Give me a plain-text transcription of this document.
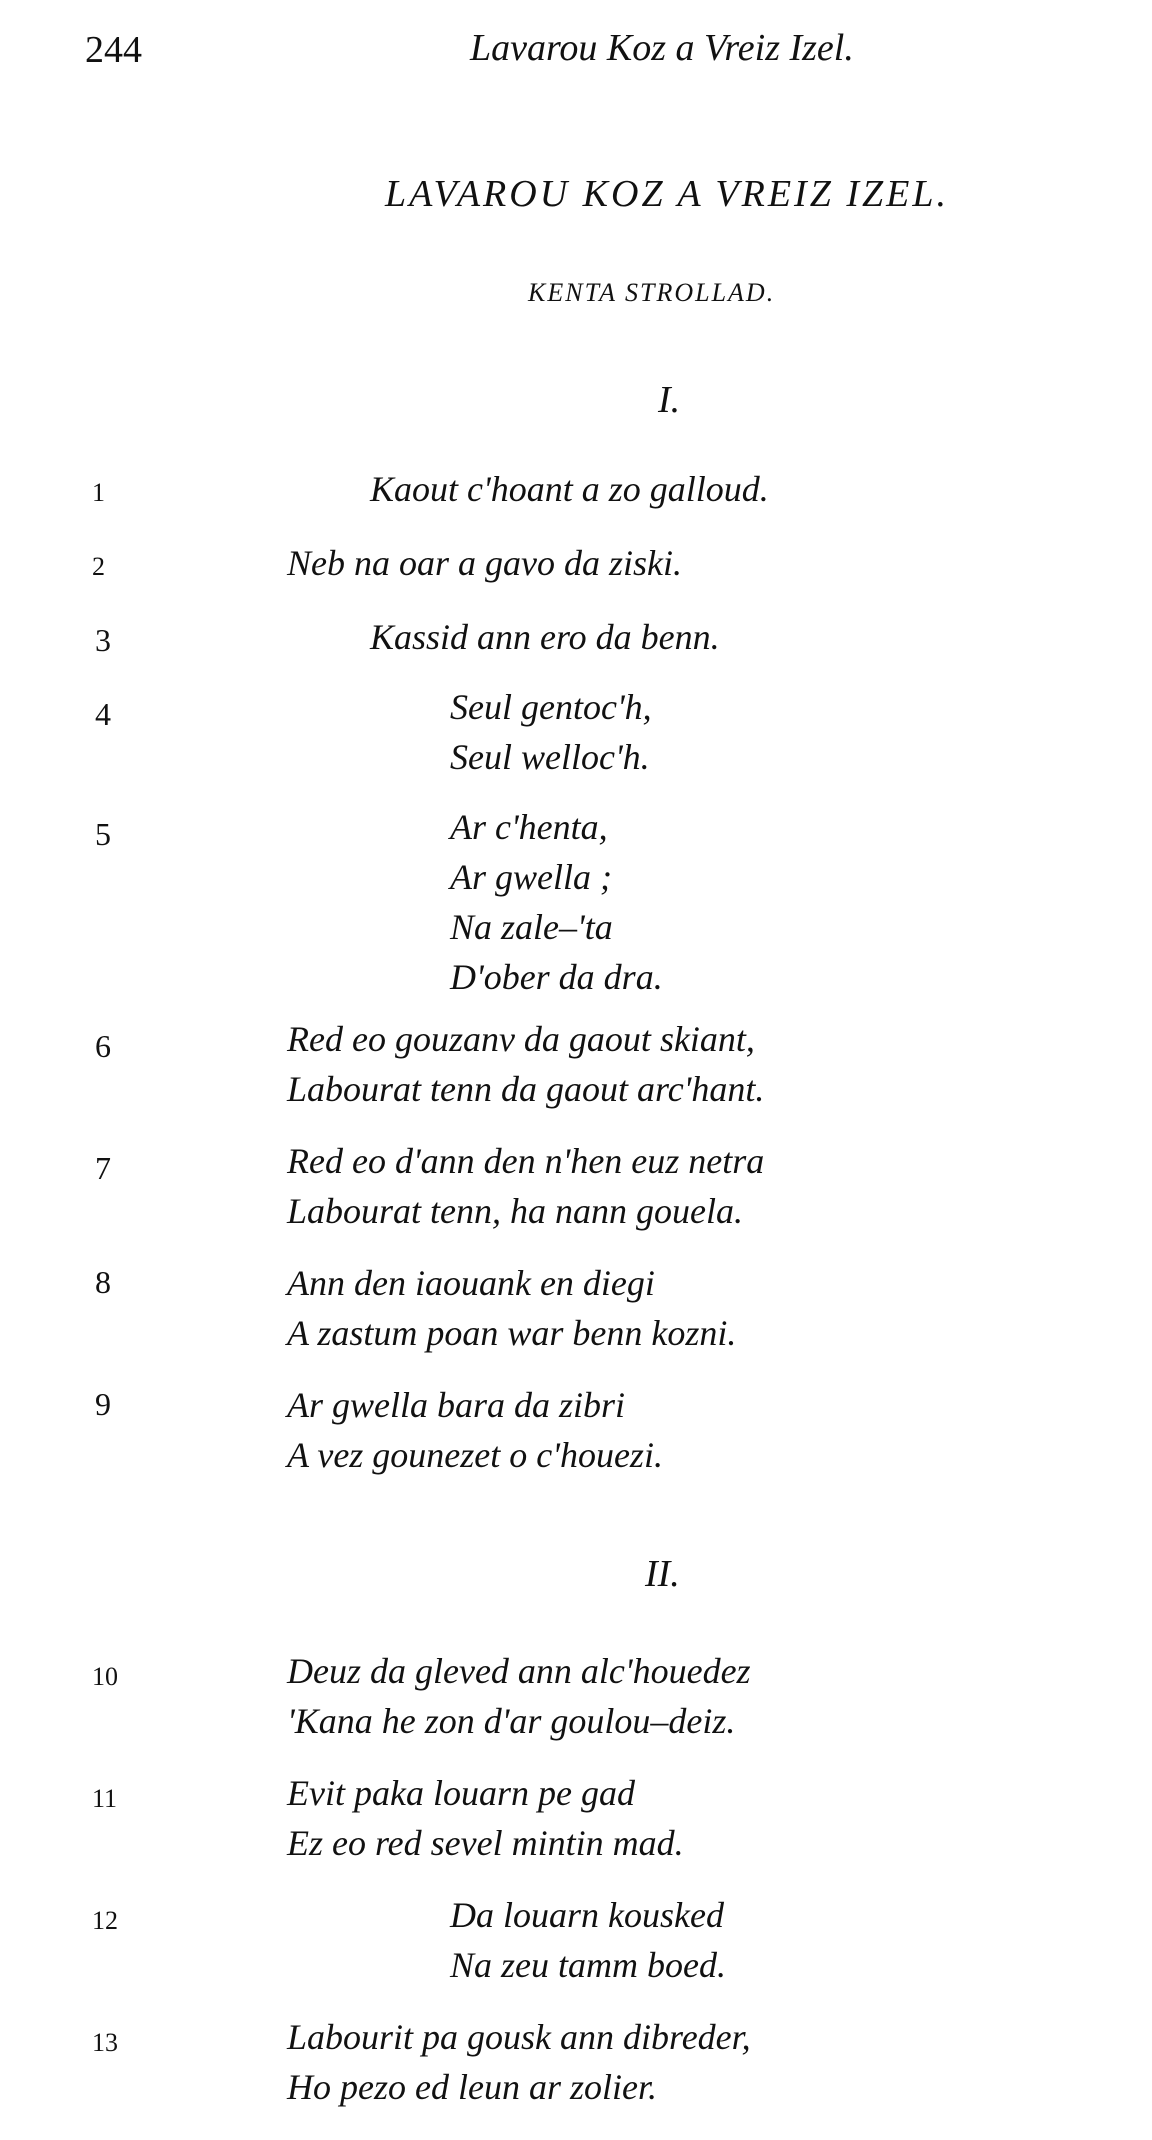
244	Lavarou Koz a Vreiz Izel.
LAVAROU KOZ A VREIZ IZEL.
KENTA STROLLAD.
I.
1	Kaout c'hoant a zo galloud.
2	Neb na oar a gavo da ziski.
3	Kassid ann ero da benn.
4	Seul gentoc'h,
Seul welloc'h.
5	Ar c'henta,
Ar gwella ;
Na zale–'ta
D'ober da dra.
6	Red eo gouzanv da gaout skiant,
Labourat tenn da gaout arc'hant.
7	Red eo d'ann den n'hen euz netra
Labourat tenn, ha nann gouela.
8	Ann den iaouank en diegi
A zastum poan war benn kozni.
9	Ar gwella bara da zibri
A vez gounezet o c'houezi.
II.
10	Deuz da gleved ann alc'houedez
'Kana he zon d'ar goulou–deiz.
11	Evit paka louarn pe gad
Ez eo red sevel mintin mad.
12	Da louarn kousked
Na zeu tamm boed.
13	Labourit pa gousk ann dibreder,
Ho pezo ed leun ar zolier.
